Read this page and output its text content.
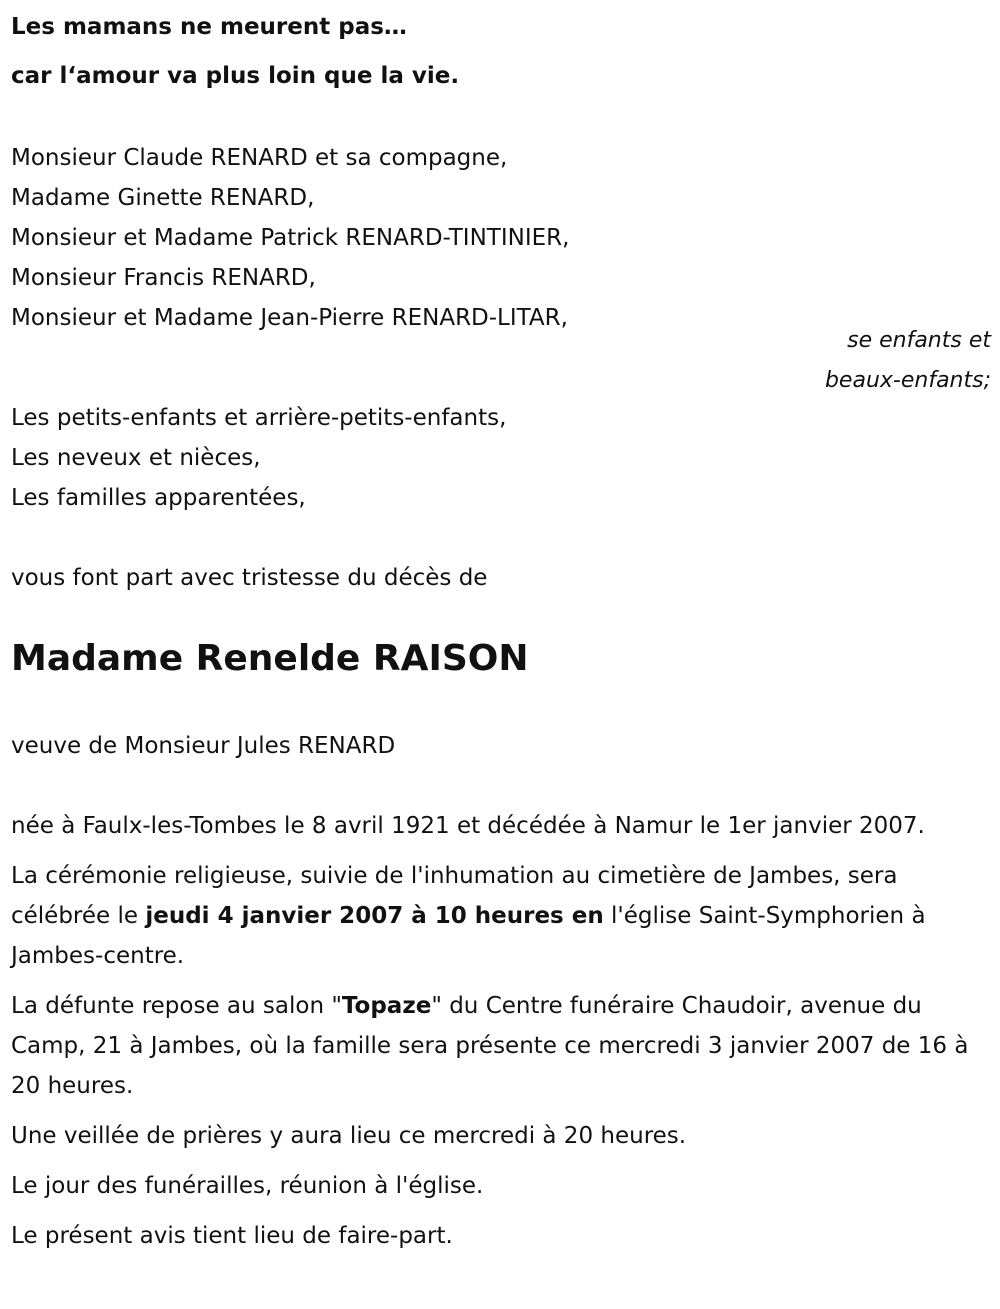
Les mamans ne meurent pas…
car l‘amour va plus loin que la vie.
Monsieur Claude RENARD et sa compagne,
Madame Ginette RENARD,
Monsieur et Madame Patrick RENARD-TINTINIER,
Monsieur Francis RENARD,
Monsieur et Madame Jean-Pierre RENARD-LITAR,
se enfants et
beaux-enfants;
Les petits-enfants et arrière-petits-enfants,
Les neveux et nièces,
Les familles apparentées,
vous font part avec tristesse du décès de
Madame Renelde RAISON
veuve de Monsieur Jules RENARD

née à Faulx-les-Tombes le 8 avril 1921 et décédée à Namur le 1er janvier 2007.

La cérémonie religieuse, suivie de l'inhumation au cimetière de Jambes, sera célébrée le jeudi 4 janvier 2007 à 10 heures en l'église Saint-Symphorien à Jambes-centre.

La défunte repose au salon "Topaze" du Centre funéraire Chaudoir, avenue du Camp, 21 à Jambes, où la famille sera présente ce mercredi 3 janvier 2007 de 16 à 20 heures.

Une veillée de prières y aura lieu ce mercredi à 20 heures.

Le jour des funérailles, réunion à l'église.

Le présent avis tient lieu de faire-part.
